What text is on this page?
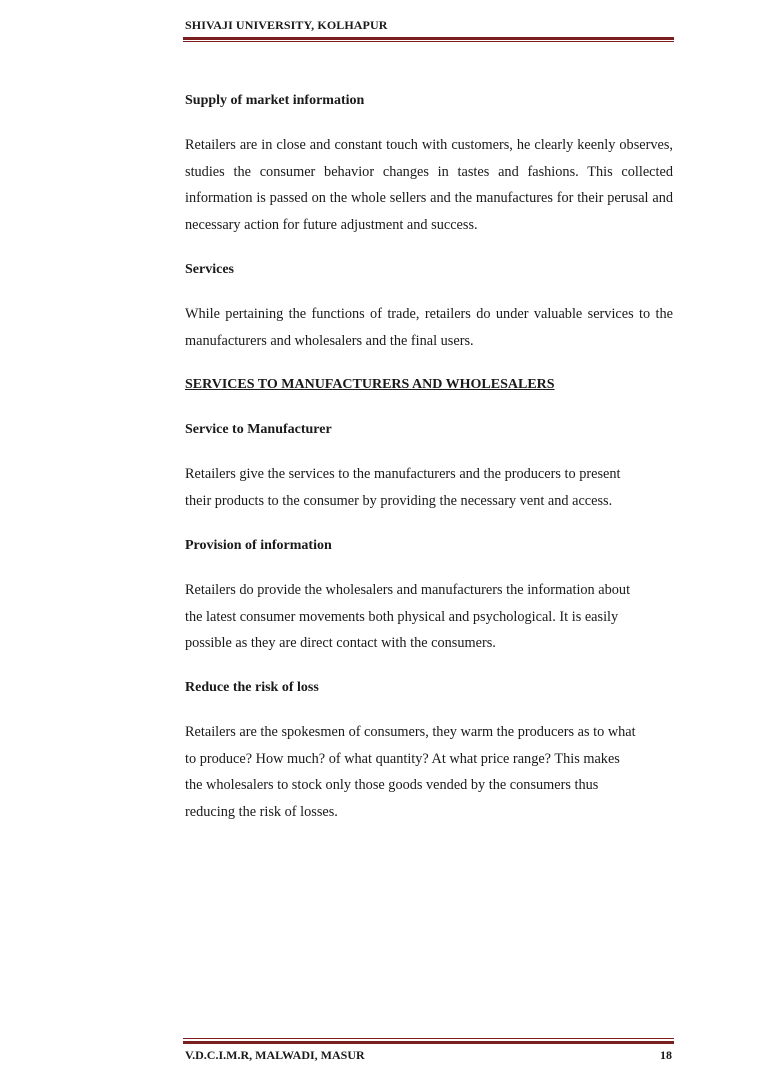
SHIVAJI UNIVERSITY, KOLHAPUR
Supply of market information
Retailers are in close and constant touch with customers, he clearly keenly observes, studies the consumer behavior changes in tastes and fashions. This collected information is passed on the whole sellers and the manufactures for their perusal and necessary action for future adjustment and success.
Services
While pertaining the functions of trade, retailers do under valuable services to the manufacturers and wholesalers and the final users.
SERVICES TO MANUFACTURERS AND WHOLESALERS
Service to Manufacturer
Retailers give the services to the manufacturers and the producers to present
their products to the consumer by providing the necessary vent and access.
Provision of information
Retailers do provide the wholesalers and manufacturers the information about
the latest consumer movements both physical and psychological. It is easily
possible as they are direct contact with the consumers.
Reduce the risk of loss
Retailers are the spokesmen of consumers, they warm the producers as to what
to produce? How much? of what quantity? At what price range? This makes
the wholesalers to stock only those goods vended by the consumers thus
reducing the risk of losses.
V.D.C.I.M.R, MALWADI, MASUR	18
